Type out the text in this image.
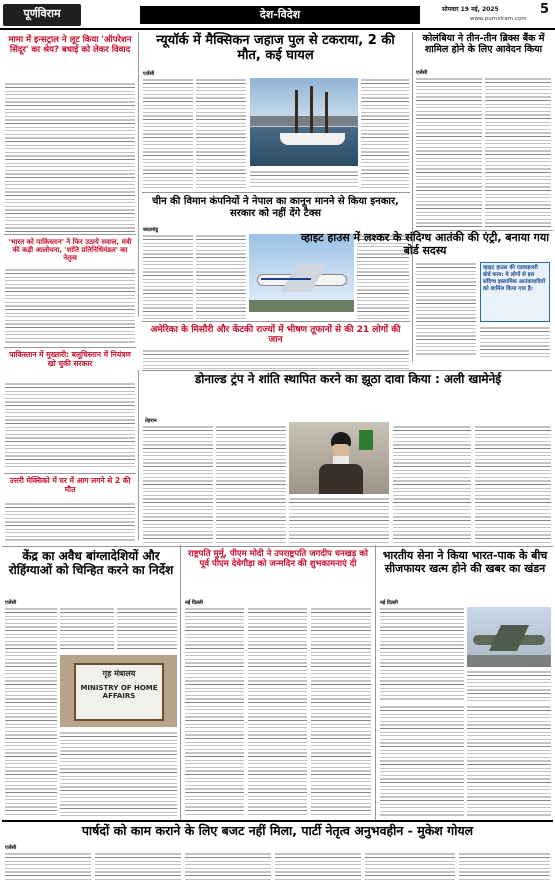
पूर्णविराम	देश-विदेश	सोमवार 19 मई, 2025	5
www.purnviram.com
मामा में इन्सट्राल ने लूट किया 'ऑपरेशन सिंदूर' का श्रेय? बधाई को लेकर विवाद
'भारत को पाकिस्तान' ने फिर उठाये सवाल, मंत्री की कड़ी आलोचना, 'शांति प्रतिनिधिमंडल' का नेतृत्व
पाकिस्तान में मुख्तारी: बलूचिस्तान में नियंत्रण खो चुकी सरकार
उत्तरी मेक्सिको में घर में आग लगने से 2 की मौत
न्यूयॉर्क में मैक्सिकन जहाज पुल से टकराया, 2 की मौत, कई घायल
एजेंसी
चीन की विमान कंपनियों ने नेपाल का कानून मानने से किया इनकार, सरकार को नहीं देंगे टैक्स
काठमांडू
अमेरिका के मिसौरी और केंटकी राज्यों में भीषण तूफानों से की 21 लोगों की जान
कोलंबिया ने तीन-तीन ब्रिक्स बैंक में शामिल होने के लिए आवेदन किया
एजेंसी
व्हाइट हाउस में लश्कर के संदिग्ध आतंकी की एंट्री, बनाया गया बोर्ड सदस्य
व्हाइट हाउस की एडवाइजरी बोर्ड काम: ये लोगों से इस संदिग्ध इस्लामिक आतंकवादियों को शामिल किया गया है।
डोनाल्ड ट्रंप ने शांति स्थापित करने का झूठा दावा किया : अली खामेनेई
तेहरान
केंद्र का अवैध बांग्लादेशियों और रोहिंग्याओं को चिन्हित करने का निर्देश
एजेंसी
गृह मंत्रालय
MINISTRY OF HOME AFFAIRS
राष्ट्रपति मुर्मू, पीएम मोदी ने उपराष्ट्रपति जगदीप धनखड़ को पूर्व पीएम देवेगौड़ा को जन्मदिन की शुभकामनाएं दी
नई दिल्ली
भारतीय सेना ने किया भारत-पाक के बीच सीजफायर खत्म होने की खबर का खंडन
नई दिल्ली
पार्षदों को काम कराने के लिए बजट नहीं मिला, पार्टी नेतृत्व अनुभवहीन - मुकेश गोयल
एजेंसी
